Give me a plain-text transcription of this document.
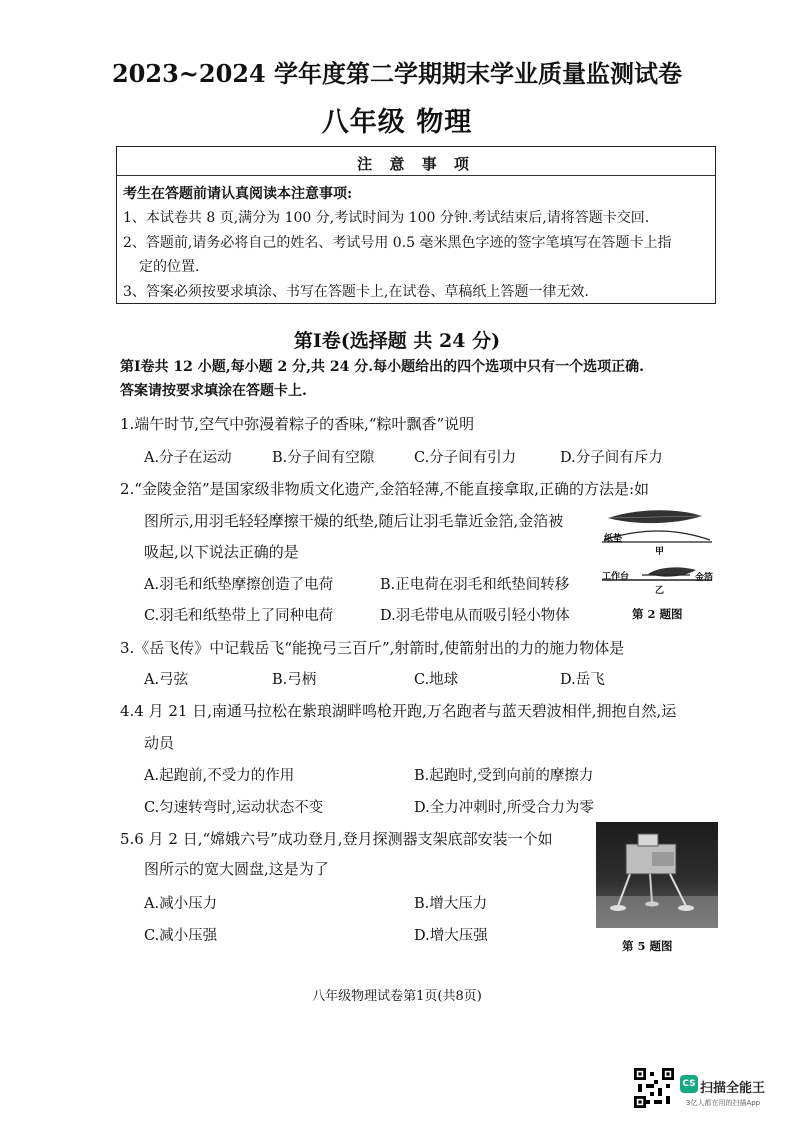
2023~2024 学年度第二学期期末学业质量监测试卷
八年级 物理
注 意 事 项
考生在答题前请认真阅读本注意事项:
1、本试卷共 8 页,满分为 100 分,考试时间为 100 分钟.考试结束后,请将答题卡交回.
2、答题前,请务必将自己的姓名、考试号用 0.5 毫米黑色字迹的签字笔填写在答题卡上指
定的位置.
3、答案必须按要求填涂、书写在答题卡上,在试卷、草稿纸上答题一律无效.
第I卷(选择题 共 24 分)
第I卷共 12 小题,每小题 2 分,共 24 分.每小题给出的四个选项中只有一个选项正确.
答案请按要求填涂在答题卡上.
1.端午时节,空气中弥漫着粽子的香味,“粽叶飘香”说明
A.分子在运动	B.分子间有空隙	C.分子间有引力	D.分子间有斥力
2.“金陵金箔”是国家级非物质文化遗产,金箔轻薄,不能直接拿取,正确的方法是:如
图所示,用羽毛轻轻摩擦干燥的纸垫,随后让羽毛靠近金箔,金箔被
吸起,以下说法正确的是
A.羽毛和纸垫摩擦创造了电荷	B.正电荷在羽毛和纸垫间转移
C.羽毛和纸垫带上了同种电荷	D.羽毛带电从而吸引轻小物体
纸垫
甲
工作台	金箔
乙
第 2 题图
3.《岳飞传》中记载岳飞“能挽弓三百斤”,射箭时,使箭射出的力的施力物体是
A.弓弦	B.弓柄	C.地球	D.岳飞
4.4 月 21 日,南通马拉松在紫琅湖畔鸣枪开跑,万名跑者与蓝天碧波相伴,拥抱自然,运
动员
A.起跑前,不受力的作用	B.起跑时,受到向前的摩擦力
C.匀速转弯时,运动状态不变	D.全力冲刺时,所受合力为零
5.6 月 2 日,“嫦娥六号”成功登月,登月探测器支架底部安装一个如
图所示的宽大圆盘,这是为了
A.减小压力	B.增大压力
C.减小压强	D.增大压强
第 5 题图
八年级物理试卷第1页(共8页)
CS 扫描全能王
3亿人都在用的扫描App
